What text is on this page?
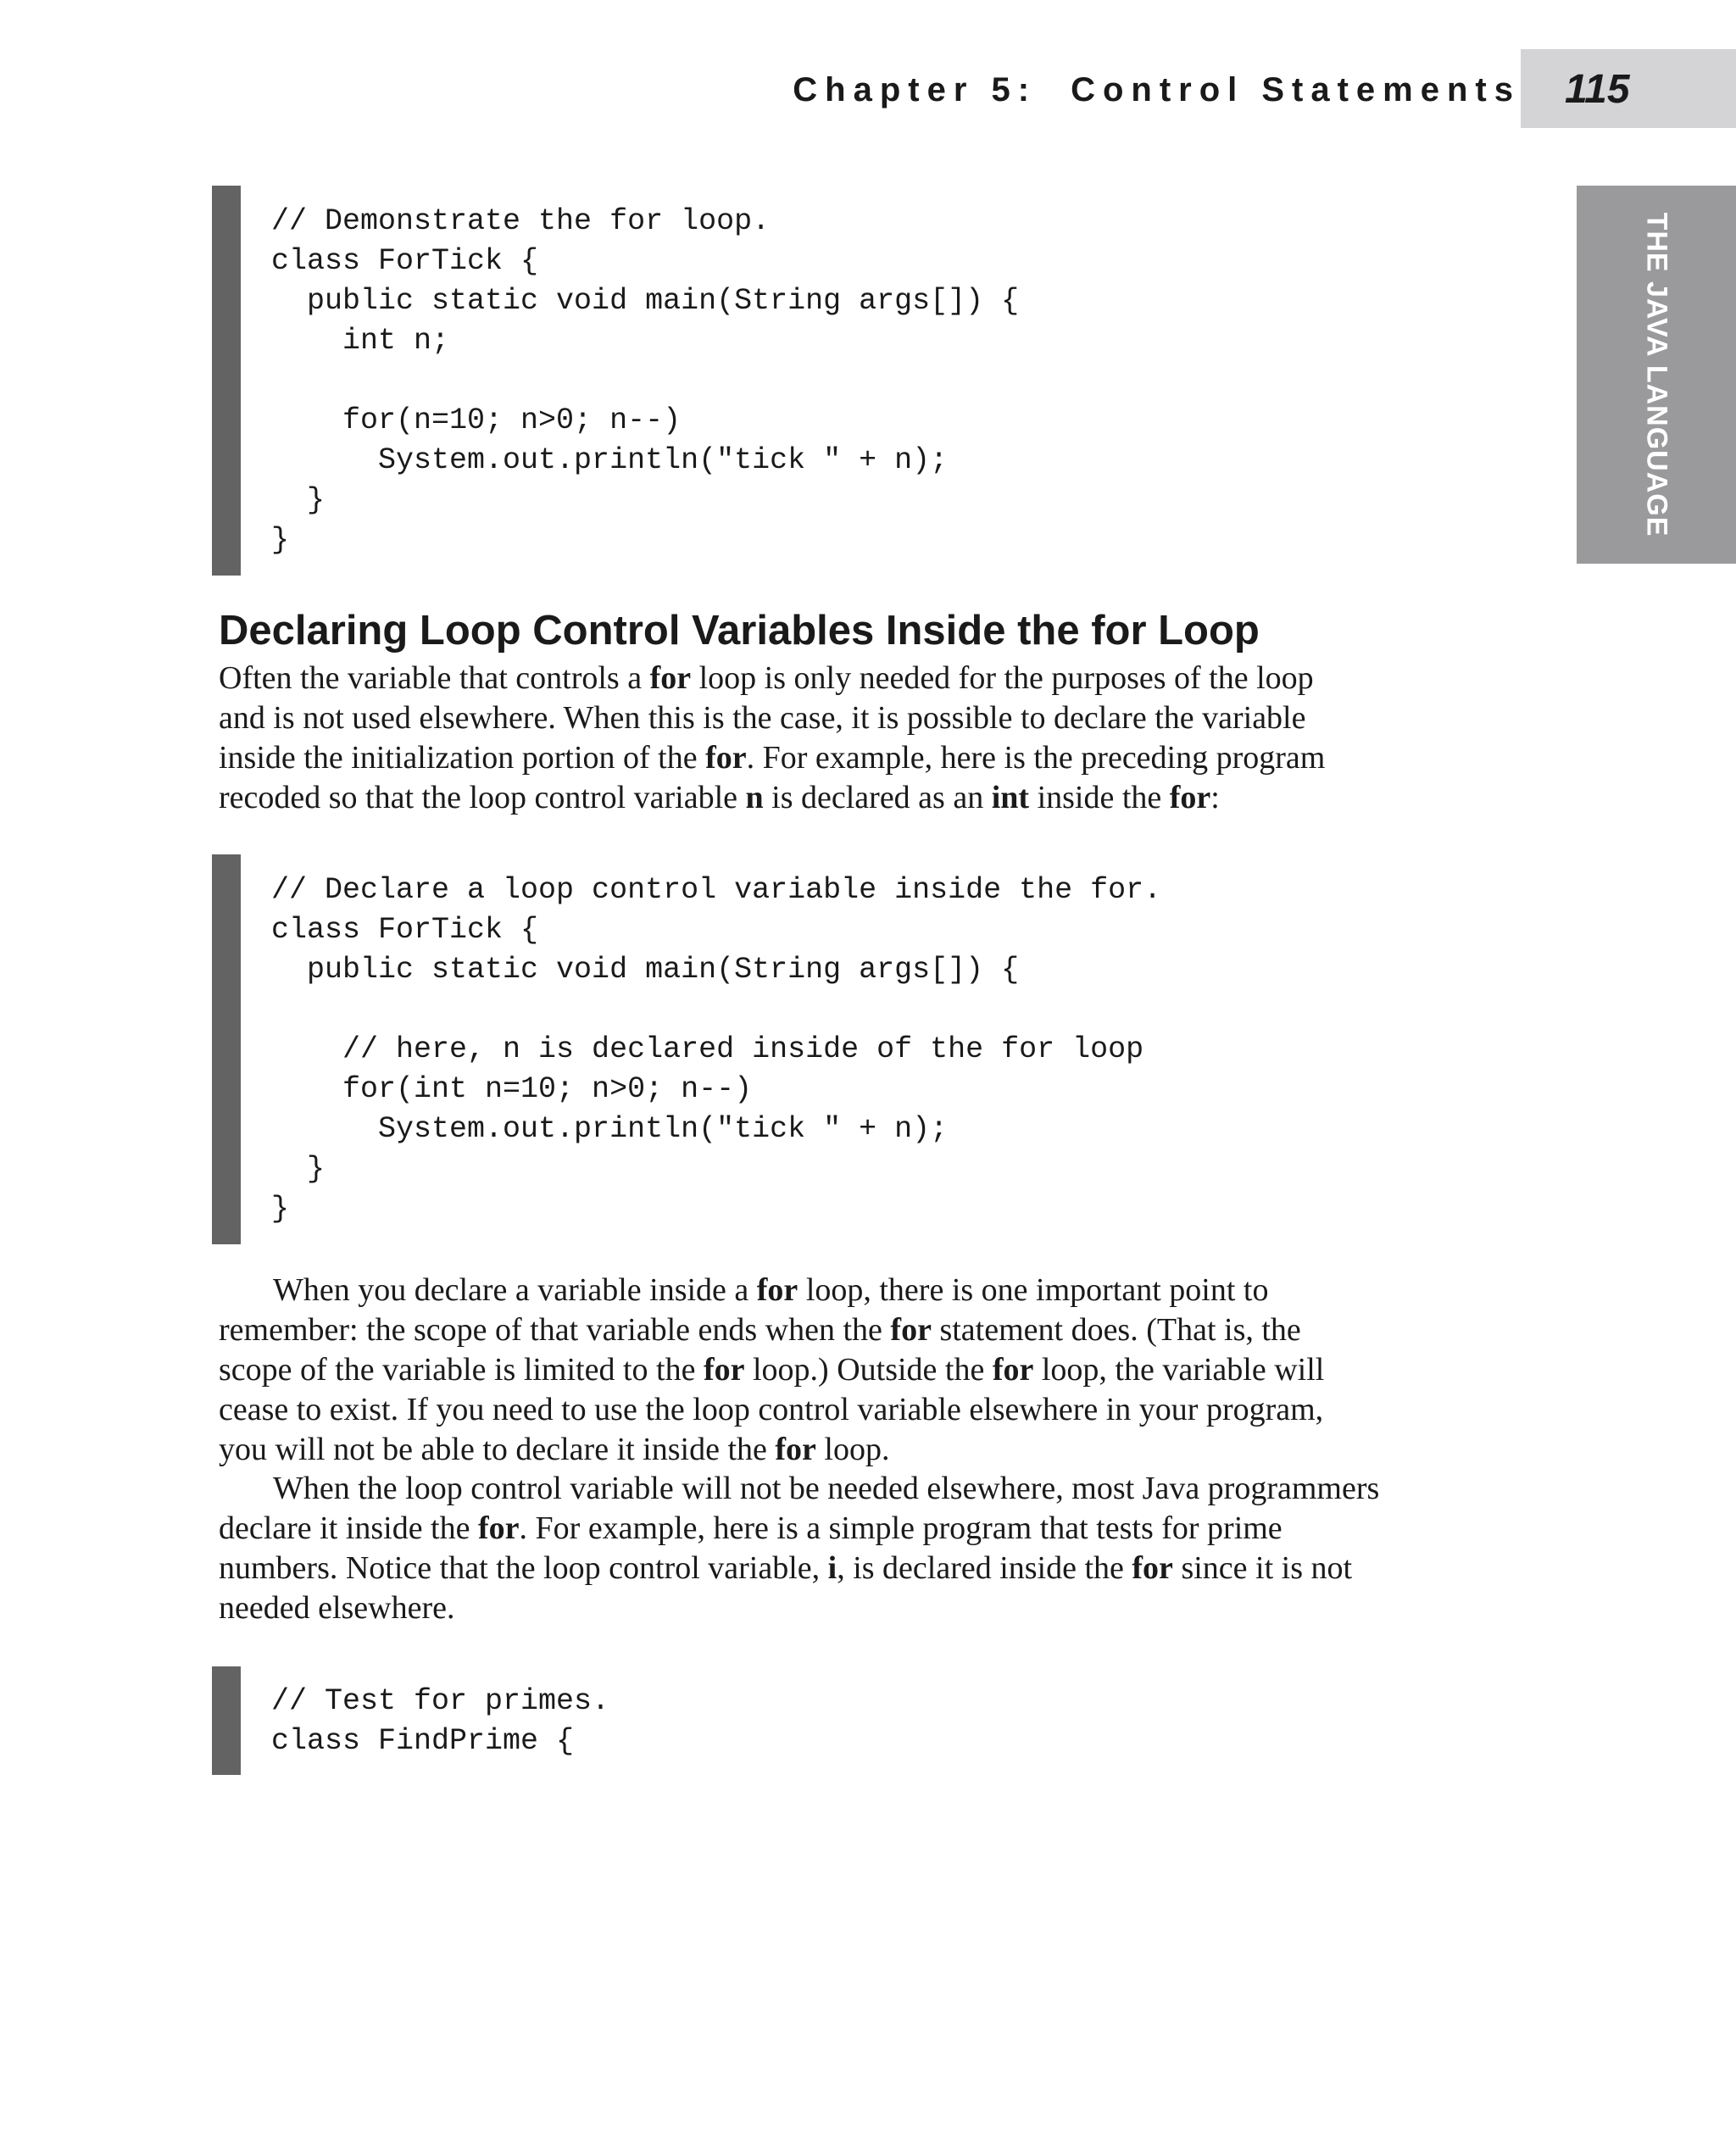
Chapter 5: Control Statements 115
THE JAVA LANGUAGE
// Demonstrate the for loop.
class ForTick {
public static void main(String args[]) {
int n;

for(n=10; n>0; n--)
System.out.println("tick " + n);
}
}
Declaring Loop Control Variables Inside the for Loop
Often the variable that controls a for loop is only needed for the purposes of the loop
and is not used elsewhere. When this is the case, it is possible to declare the variable
inside the initialization portion of the for. For example, here is the preceding program
recoded so that the loop control variable n is declared as an int inside the for:
// Declare a loop control variable inside the for.
class ForTick {
public static void main(String args[]) {

// here, n is declared inside of the for loop
for(int n=10; n>0; n--)
System.out.println("tick " + n);
}
}
When you declare a variable inside a for loop, there is one important point to
remember: the scope of that variable ends when the for statement does. (That is, the
scope of the variable is limited to the for loop.) Outside the for loop, the variable will
cease to exist. If you need to use the loop control variable elsewhere in your program,
you will not be able to declare it inside the for loop.
When the loop control variable will not be needed elsewhere, most Java programmers
declare it inside the for. For example, here is a simple program that tests for prime
numbers. Notice that the loop control variable, i, is declared inside the for since it is not
needed elsewhere.
// Test for primes.
class FindPrime {
